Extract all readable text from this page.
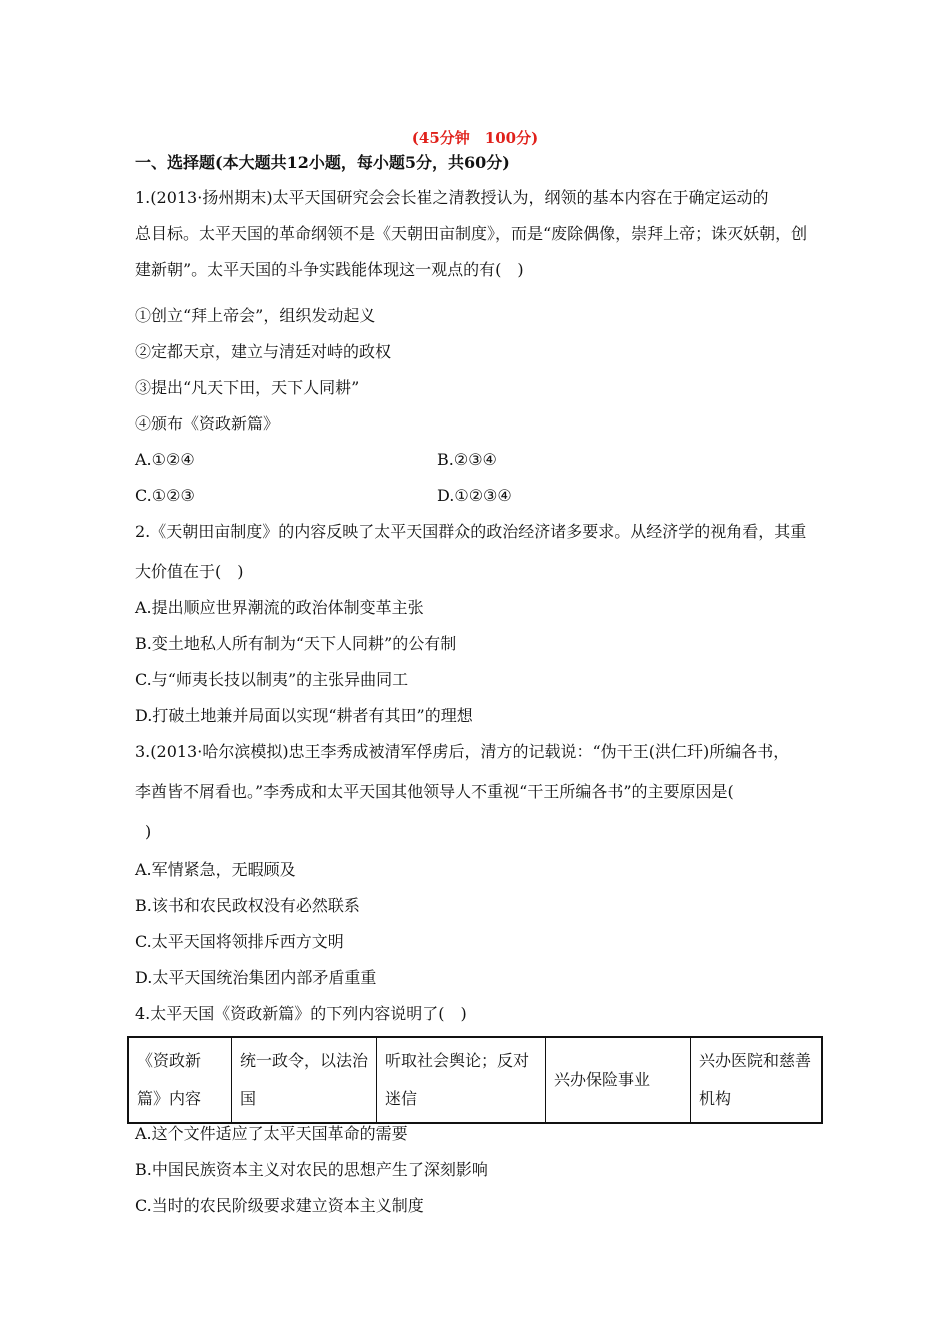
(45分钟　100分)
一、选择题(本大题共12小题，每小题5分，共60分)
1.(2013·扬州期末)太平天国研究会会长崔之清教授认为，纲领的基本内容在于确定运动的
总目标。太平天国的革命纲领不是《天朝田亩制度》，而是“废除偶像，崇拜上帝；诛灭妖朝，创
建新朝”。太平天国的斗争实践能体现这一观点的有(　)
①创立“拜上帝会”，组织发动起义
②定都天京，建立与清廷对峙的政权
③提出“凡天下田，天下人同耕”
④颁布《资政新篇》
A.①②④	B.②③④
C.①②③	D.①②③④
2.《天朝田亩制度》的内容反映了太平天国群众的政治经济诸多要求。从经济学的视角看，其重
大价值在于(　)
A.提出顺应世界潮流的政治体制变革主张
B.变土地私人所有制为“天下人同耕”的公有制
C.与“师夷长技以制夷”的主张异曲同工
D.打破土地兼并局面以实现“耕者有其田”的理想
3.(2013·哈尔滨模拟)忠王李秀成被清军俘虏后，清方的记载说：“伪干王(洪仁玕)所编各书，
李酋皆不屑看也。”李秀成和太平天国其他领导人不重视“干王所编各书”的主要原因是(
)
A.军情紧急，无暇顾及
B.该书和农民政权没有必然联系
C.太平天国将领排斥西方文明
D.太平天国统治集团内部矛盾重重
4.太平天国《资政新篇》的下列内容说明了(　)
《资政新篇》内容	统一政令，以法治国	听取社会舆论；反对迷信	兴办保险事业	兴办医院和慈善机构
A.这个文件适应了太平天国革命的需要
B.中国民族资本主义对农民的思想产生了深刻影响
C.当时的农民阶级要求建立资本主义制度
